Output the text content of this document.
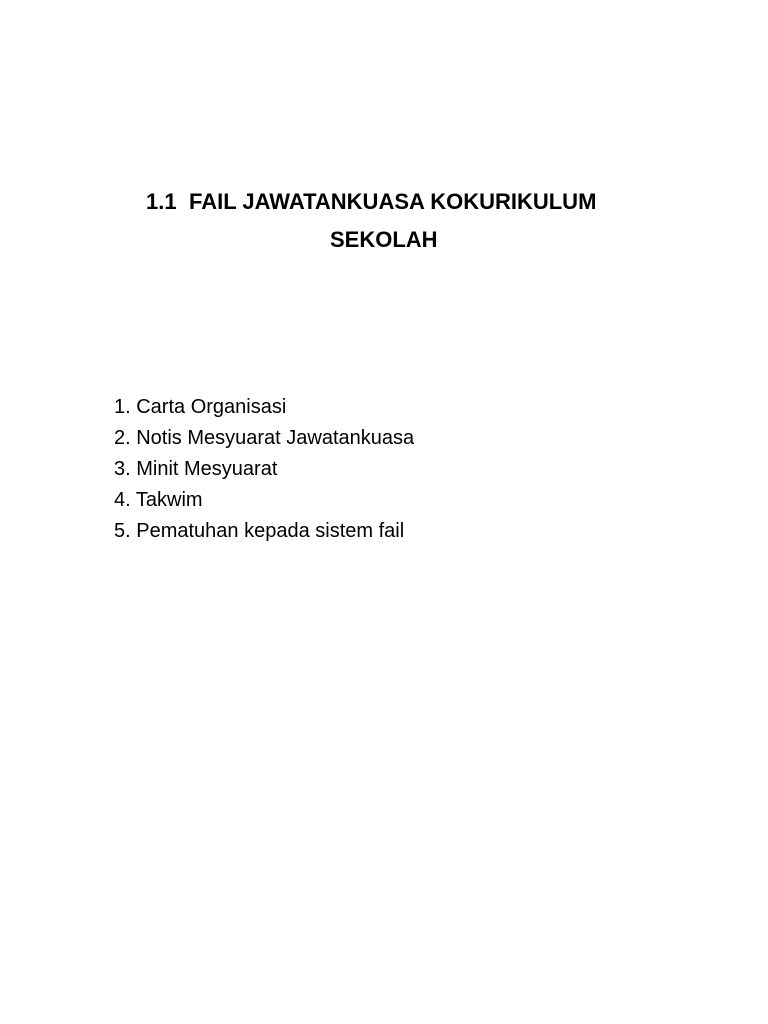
1.1 FAIL JAWATANKUASA KOKURIKULUM
SEKOLAH
1. Carta Organisasi
2. Notis Mesyuarat Jawatankuasa
3. Minit Mesyuarat
4. Takwim
5. Pematuhan kepada sistem fail
